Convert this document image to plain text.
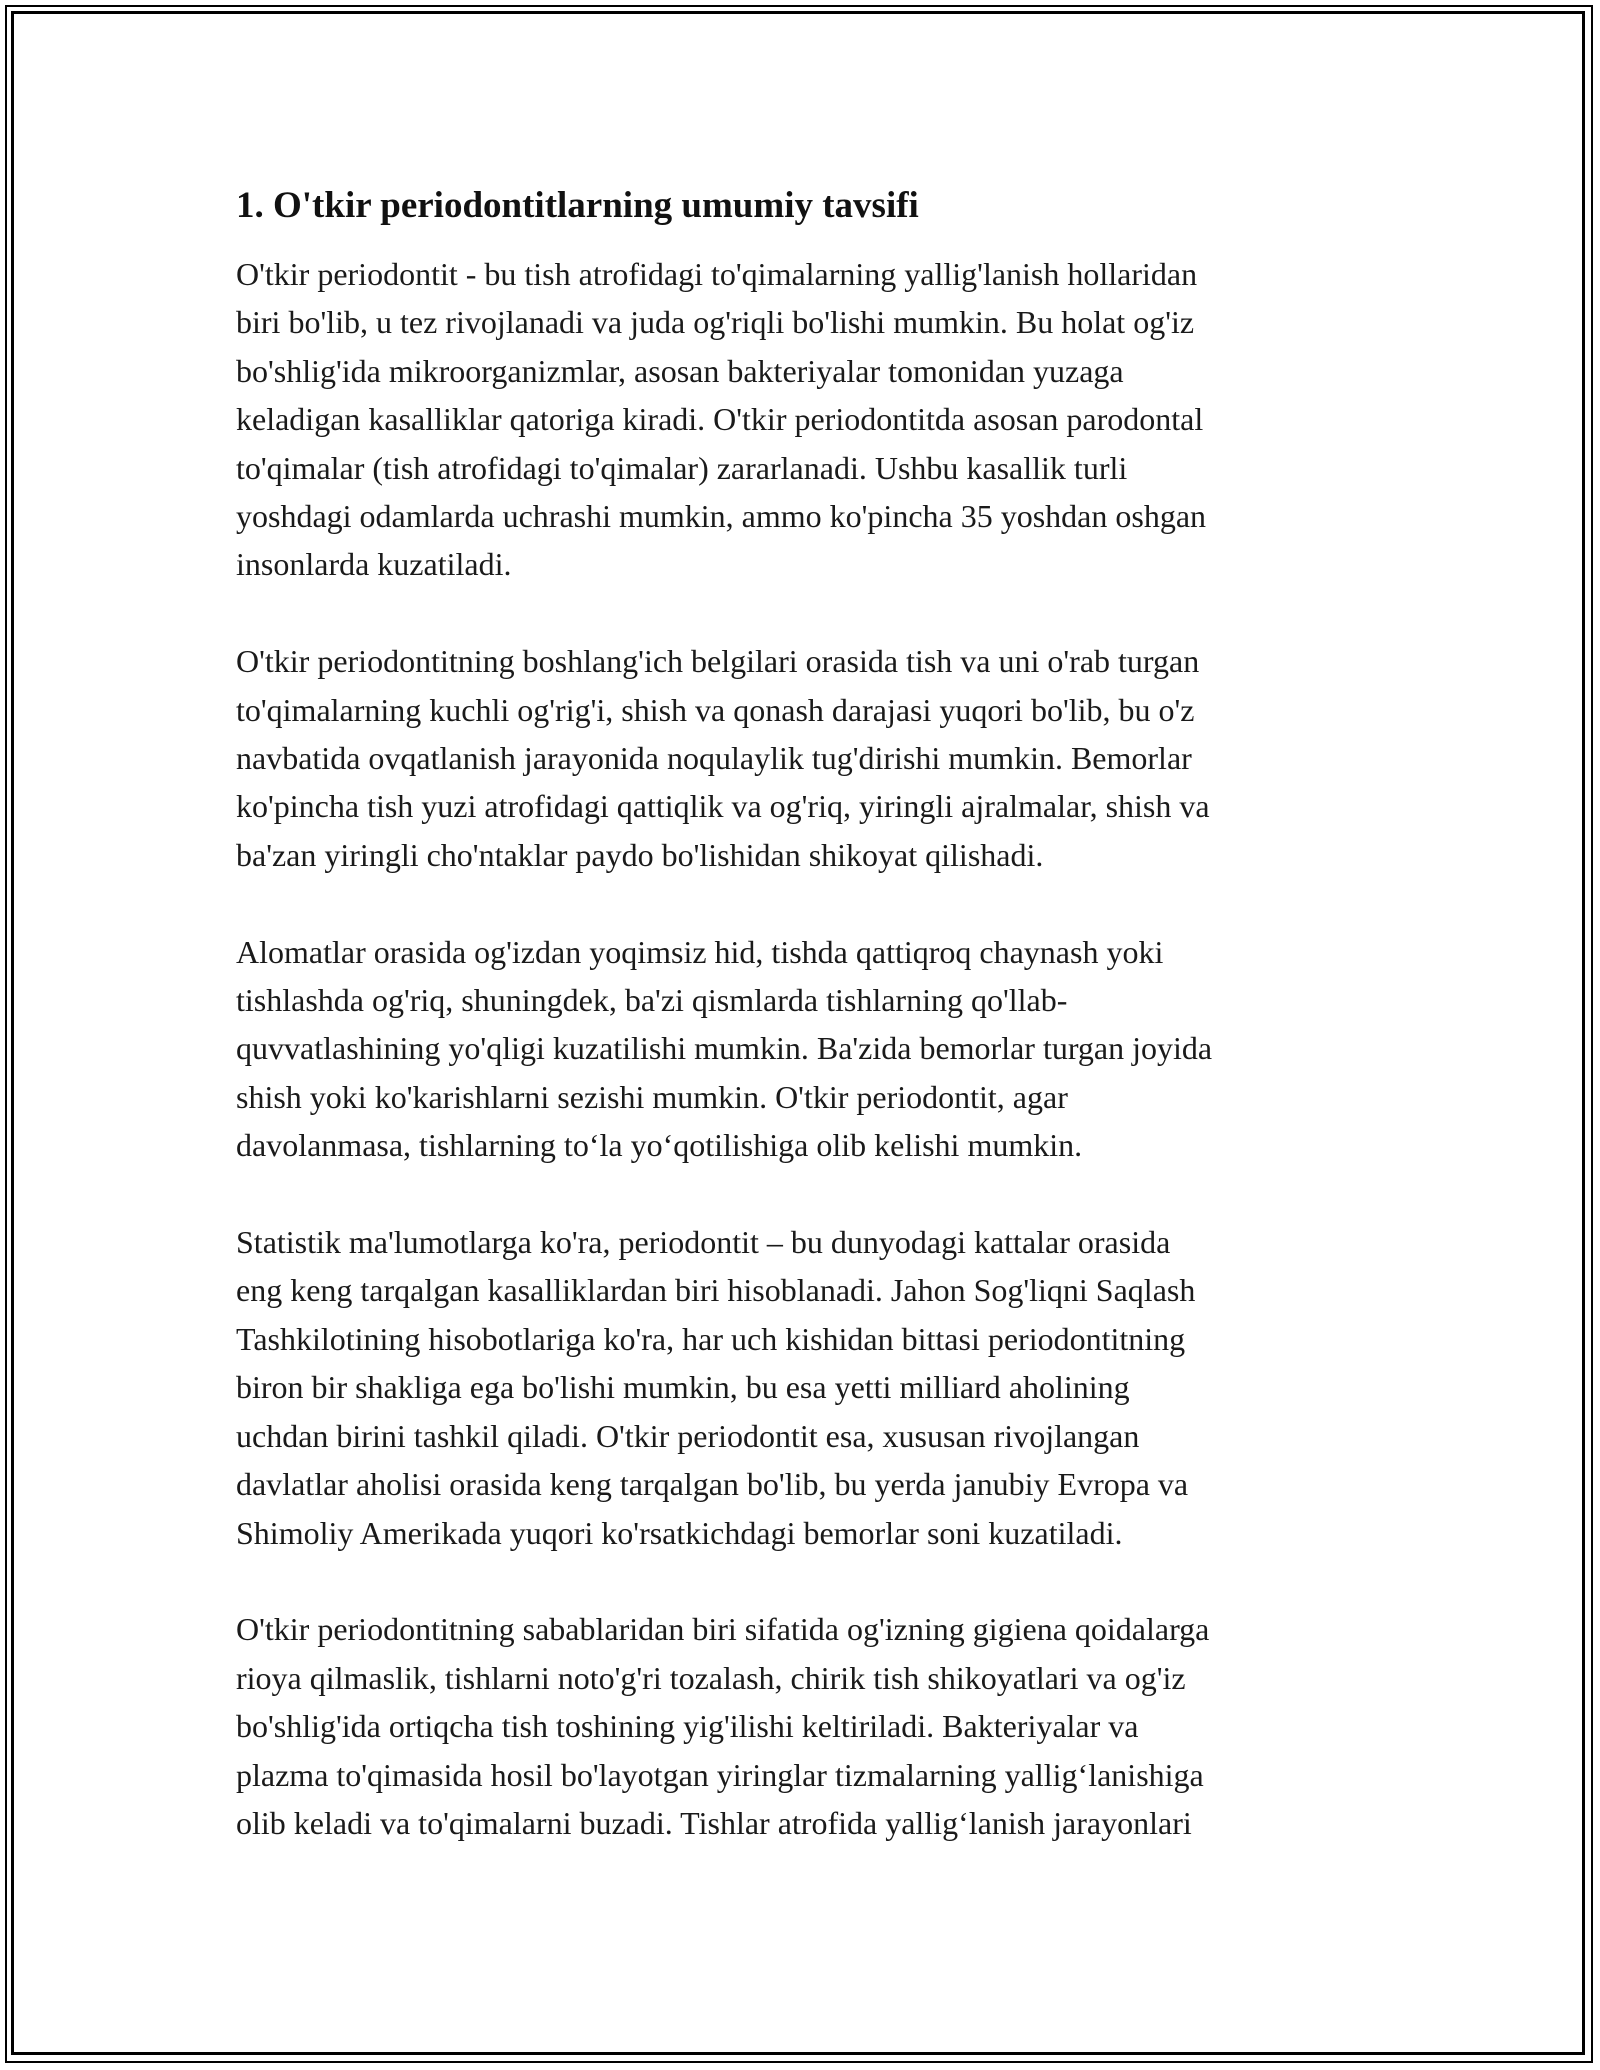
1. O'tkir periodontitlarning umumiy tavsifi

O'tkir periodontit - bu tish atrofidagi to'qimalarning yallig'lanish hollaridan
biri bo'lib, u tez rivojlanadi va juda og'riqli bo'lishi mumkin. Bu holat og'iz
bo'shlig'ida mikroorganizmlar, asosan bakteriyalar tomonidan yuzaga
keladigan kasalliklar qatoriga kiradi. O'tkir periodontitda asosan parodontal
to'qimalar (tish atrofidagi to'qimalar) zararlanadi. Ushbu kasallik turli
yoshdagi odamlarda uchrashi mumkin, ammo ko'pincha 35 yoshdan oshgan
insonlarda kuzatiladi.

O'tkir periodontitning boshlang'ich belgilari orasida tish va uni o'rab turgan
to'qimalarning kuchli og'rig'i, shish va qonash darajasi yuqori bo'lib, bu o'z
navbatida ovqatlanish jarayonida noqulaylik tug'dirishi mumkin. Bemorlar
ko'pincha tish yuzi atrofidagi qattiqlik va og'riq, yiringli ajralmalar, shish va
ba'zan yiringli cho'ntaklar paydo bo'lishidan shikoyat qilishadi.

Alomatlar orasida og'izdan yoqimsiz hid, tishda qattiqroq chaynash yoki
tishlashda og'riq, shuningdek, ba'zi qismlarda tishlarning qo'llab-
quvvatlashining yo'qligi kuzatilishi mumkin. Ba'zida bemorlar turgan joyida
shish yoki ko'karishlarni sezishi mumkin. O'tkir periodontit, agar
davolanmasa, tishlarning to‘la yo‘qotilishiga olib kelishi mumkin.

Statistik ma'lumotlarga ko'ra, periodontit – bu dunyodagi kattalar orasida
eng keng tarqalgan kasalliklardan biri hisoblanadi. Jahon Sog'liqni Saqlash
Tashkilotining hisobotlariga ko'ra, har uch kishidan bittasi periodontitning
biron bir shakliga ega bo'lishi mumkin, bu esa yetti milliard aholining
uchdan birini tashkil qiladi. O'tkir periodontit esa, xususan rivojlangan
davlatlar aholisi orasida keng tarqalgan bo'lib, bu yerda janubiy Evropa va
Shimoliy Amerikada yuqori ko'rsatkichdagi bemorlar soni kuzatiladi.

O'tkir periodontitning sabablaridan biri sifatida og'izning gigiena qoidalarga
rioya qilmaslik, tishlarni noto'g'ri tozalash, chirik tish shikoyatlari va og'iz
bo'shlig'ida ortiqcha tish toshining yig'ilishi keltiriladi. Bakteriyalar va
plazma to'qimasida hosil bo'layotgan yiringlar tizmalarning yallig‘lanishiga
olib keladi va to'qimalarni buzadi. Tishlar atrofida yallig‘lanish jarayonlari
